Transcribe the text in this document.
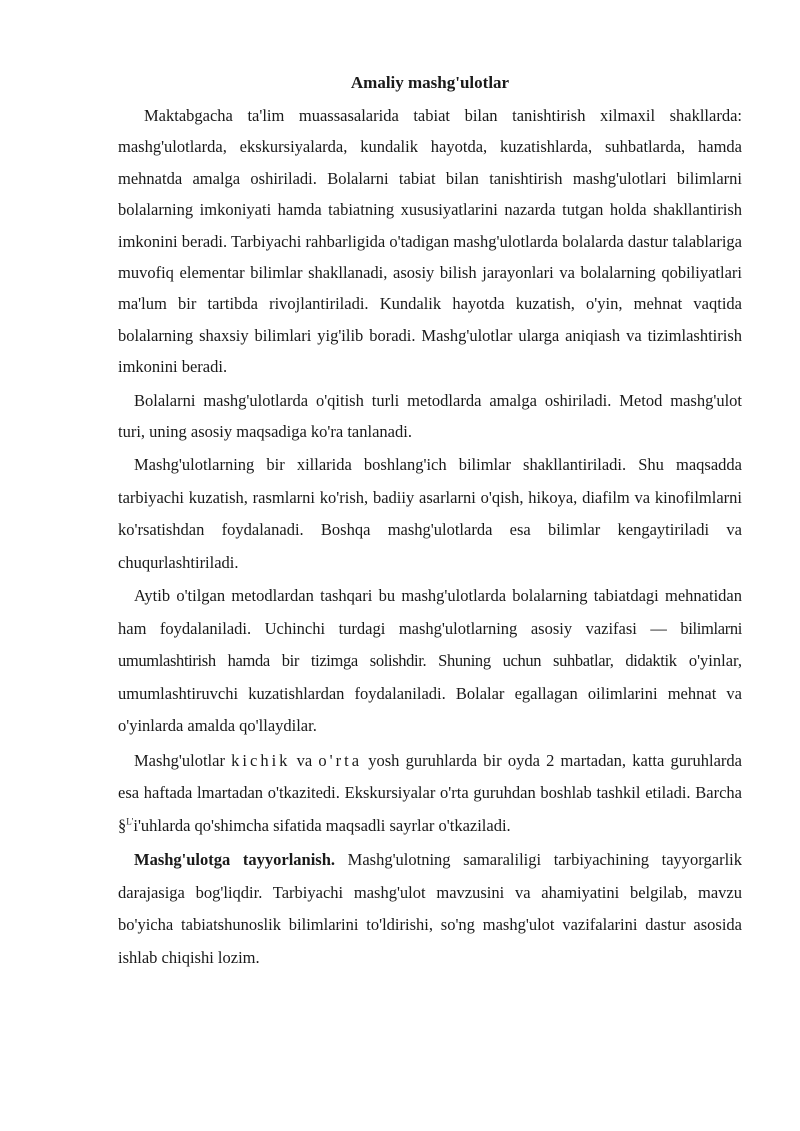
Amaliy mashg'ulotlar

Maktabgacha ta'lim muassasalarida tabiat bilan tanishtirish xilmaxil shakllarda: mashg'ulotlarda, ekskursiyalarda, kundalik hayotda, kuzatishlarda, suhbatlarda, hamda mehnatda amalga oshiriladi. Bolalarni tabiat bilan tanishtirish mashg'ulotlari bilimlarni bolalarning imkoniyati hamda tabiatning xususiyatlarini nazarda tutgan holda shakllantirish imkonini beradi. Tarbiyachi rahbarligida o'tadigan mashg'ulotlarda bolalarda dastur talablariga muvofiq elementar bilimlar shakllanadi, asosiy bilish jarayonlari va bolalarning qobiliyatlari ma'lum bir tartibda rivojlantiriladi. Kundalik hayotda kuzatish, o'yin, mehnat vaqtida bolalarning shaxsiy bilimlari yig'ilib boradi. Mashg'ulotlar ularga aniqiash va tizimlashtirish imkonini beradi.

Bolalarni mashg'ulotlarda o'qitish turli metodlarda amalga oshiriladi. Metod mashg'ulot turi, uning asosiy maqsadiga ko'ra tanlanadi.

Mashg'ulotlarning bir xillarida boshlang'ich bilimlar shakllantiriladi. Shu maqsadda tarbiyachi kuzatish, rasmlarni ko'rish, badiiy asarlarni o'qish, hikoya, diafilm va kinofilmlarni ko'rsatishdan foydalanadi. Boshqa mashg'ulotlarda esa bilimlar kengaytiriladi va chuqurlashtiriladi.

Aytib o'tilgan metodlardan tashqari bu mashg'ulotlarda bolalarning tabiatdagi mehnatidan ham foydalaniladi. Uchinchi turdagi mashg'ulotlarning asosiy vazifasi — bilimlarni umumlashtirish hamda bir tizimga solishdir. Shuning uchun suhbatlar, didaktik o'yinlar, umumlashtiruvchi kuzatishlardan foydalaniladi. Bolalar egallagan oilimlarini mehnat va o'yinlarda amalda qo'llaydilar.

Mashg'ulotlar kichik va o'rta yosh guruhlarda bir oyda 2 martadan, katta guruhlarda esa haftada lmartadan o'tkazitedi. Ekskursiyalar o'rta guruhdan boshlab tashkil etiladi. Barcha §$^{L'}$i'uhlarda qo'shimcha sifatida maqsadli sayrlar o'tkaziladi.

Mashg'ulotga tayyorlanish. Mashg'ulotning samaraliligi tarbiyachining tayyorgarlik darajasiga bog'liqdir. Tarbiyachi mashg'ulot mavzusini va ahamiyatini belgilab, mavzu bo'yicha tabiatshunoslik bilimlarini to'ldirishi, so'ng mashg'ulot vazifalarini dastur asosida ishlab chiqishi lozim.
